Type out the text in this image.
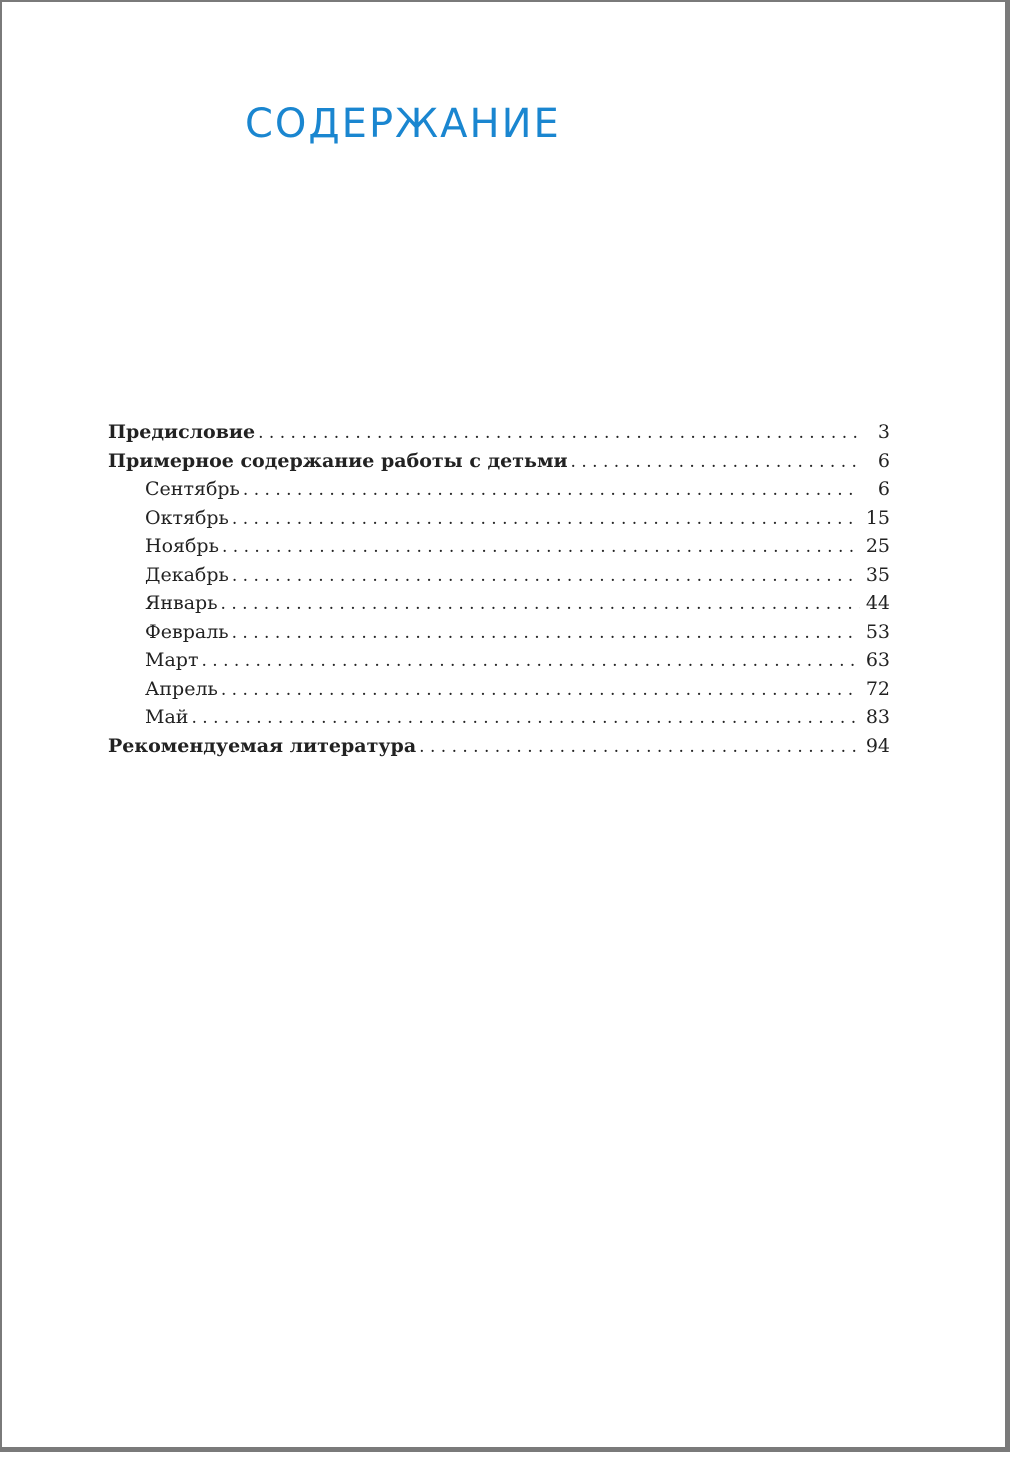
СОДЕРЖАНИЕ
Предисловие . . .	3
Примерное содержание работы с детьми . . .	6
Сентябрь . . .	6
Октябрь . . .	15
Ноябрь . . .	25
Декабрь . . .	35
Январь . . .	44
Февраль . . .	53
Март . . .	63
Апрель . . .	72
Май . . .	83
Рекомендуемая литература . . .	94
